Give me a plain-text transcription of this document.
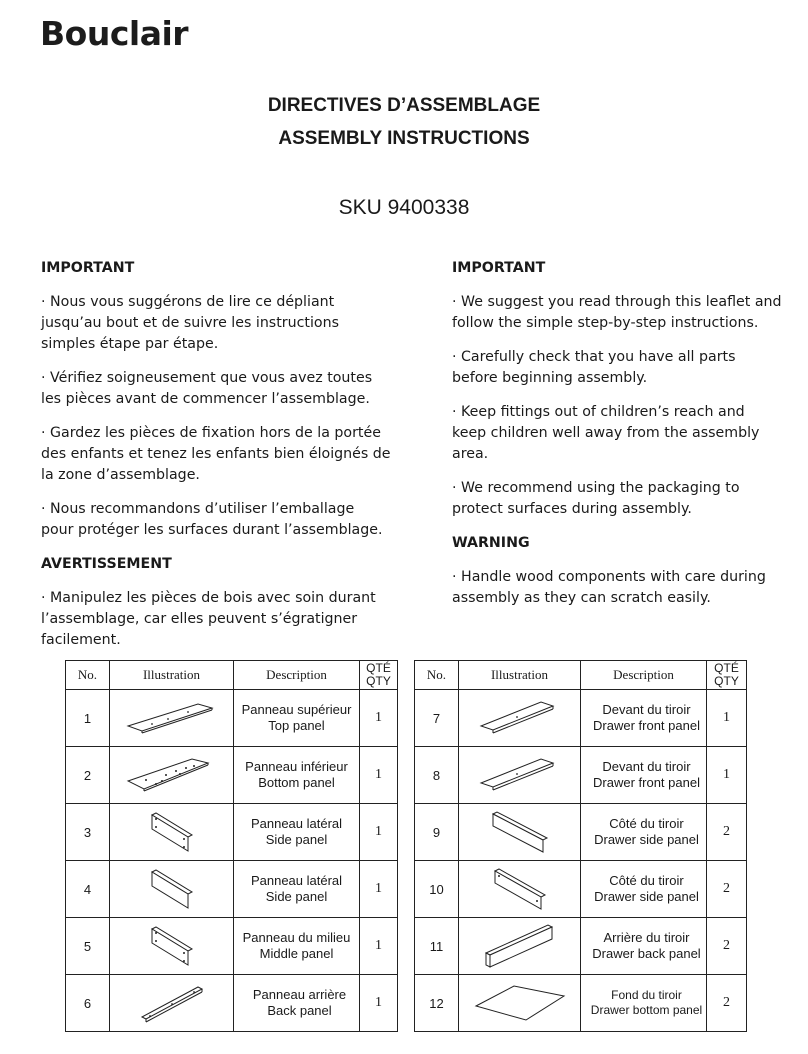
Bouclair
DIRECTIVES D’ASSEMBLAGE
ASSEMBLY INSTRUCTIONS
SKU 9400338

IMPORTANT

· Nous vous suggérons de lire ce dépliant jusqu’au bout et de suivre les instructions simples étape par étape.

· Vérifiez soigneusement que vous avez toutes les pièces avant de commencer l’assemblage.

· Gardez les pièces de fixation hors de la portée des enfants et tenez les enfants bien éloignés de la zone d’assemblage.

· Nous recommandons d’utiliser l’emballage pour protéger les surfaces durant l’assemblage.

AVERTISSEMENT

· Manipulez les pièces de bois avec soin durant l’assemblage, car elles peuvent s’égratigner facilement.

IMPORTANT

· We suggest you read through this leaflet and follow the simple step-by-step instructions.

· Carefully check that you have all parts before beginning assembly.

· Keep fittings out of children’s reach and keep children well away from the assembly area.

· We recommend using the packaging to protect surfaces during assembly.

WARNING

· Handle wood components with care during assembly as they can scratch easily.

No.	Illustration	Description	QTÉ
QTY
1		Panneau supérieur
Top panel	1
2		Panneau inférieur
Bottom panel	1
3		Panneau latéral
Side panel	1
4		Panneau latéral
Side panel	1
5		Panneau du milieu
Middle panel	1
6		Panneau arrière
Back panel	1
No.	Illustration	Description	QTÉ
QTY
7		Devant du tiroir
Drawer front panel	1
8		Devant du tiroir
Drawer front panel	1
9		Côté du tiroir
Drawer side panel	2
10		Côté du tiroir
Drawer side panel	2
11		Arrière du tiroir
Drawer back panel	2
12		Fond du tiroir
Drawer bottom panel	2
